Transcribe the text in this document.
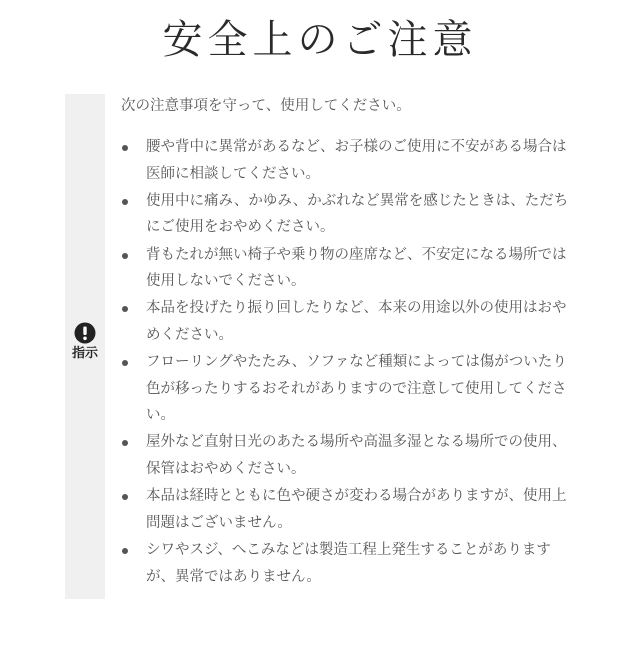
安全上のご注意
指示

次の注意事項を守って、使用してください。

腰や背中に異常があるなど、お子様のご使用に不安がある場合は医師に相談してください。
使用中に痛み、かゆみ、かぶれなど異常を感じたときは、ただちにご使用をおやめください。
背もたれが無い椅子や乗り物の座席など、不安定になる場所では使用しないでください。
本品を投げたり振り回したりなど、本来の用途以外の使用はおやめください。
フローリングやたたみ、ソファなど種類によっては傷がついたり色が移ったりするおそれがありますので注意して使用してください。
屋外など直射日光のあたる場所や高温多湿となる場所での使用、保管はおやめください。
本品は経時とともに色や硬さが変わる場合がありますが、使用上問題はございません。
シワやスジ、へこみなどは製造工程上発生することがありますが、異常ではありません。
